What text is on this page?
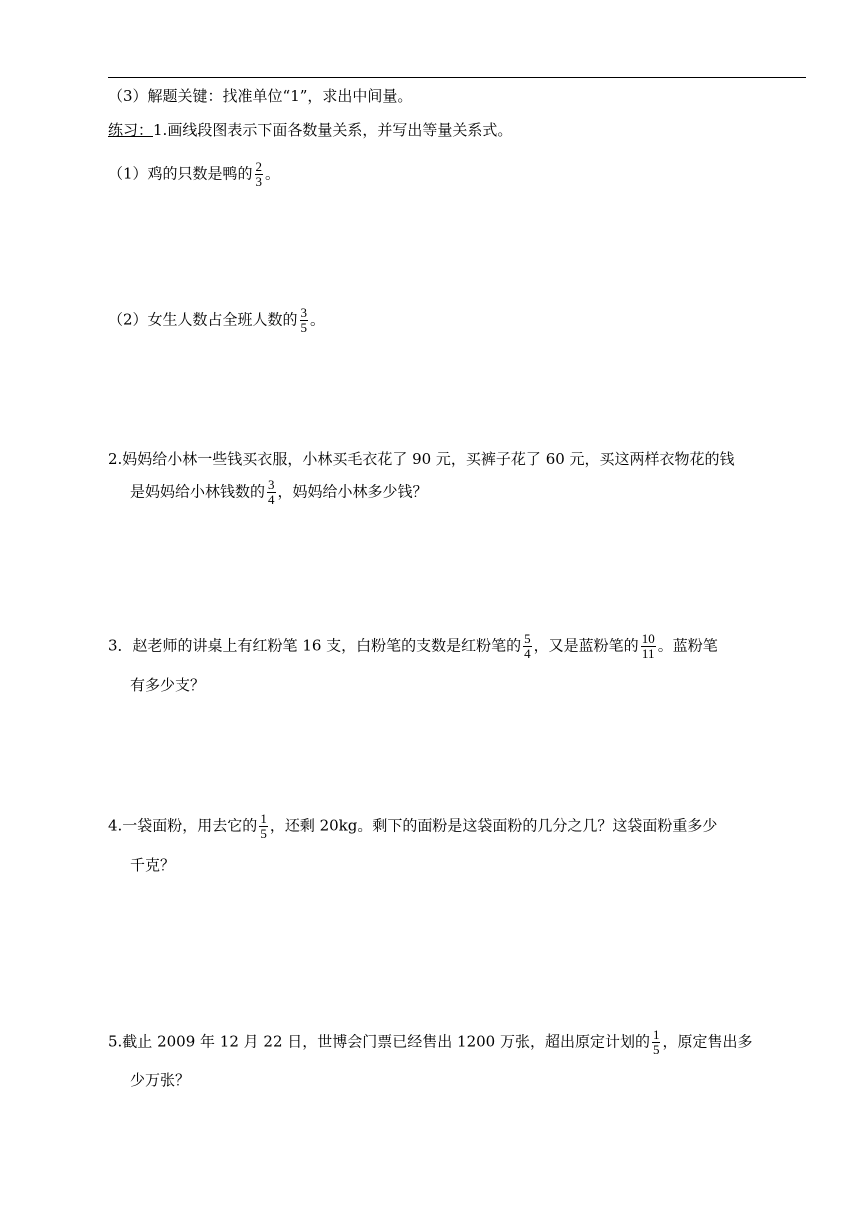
（3）解题关键：找准单位“1”，求出中间量。
练习：1.画线段图表示下面各数量关系，并写出等量关系式。
（1）鸡的只数是鸭的 $\frac{2}{3}$ 。
（2）女生人数占全班人数的 $\frac{3}{5}$ 。
2.妈妈给小林一些钱买衣服，小林买毛衣花了 90 元，买裤子花了 60 元，买这两样衣物花的钱
是妈妈给小林钱数的 $\frac{3}{4}$ ，妈妈给小林多少钱？
3．赵老师的讲桌上有红粉笔 16 支，白粉笔的支数是红粉笔的 $\frac{5}{4}$ ，又是蓝粉笔的 $\frac{10}{11}$ 。蓝粉笔
有多少支？
4.一袋面粉，用去它的 $\frac{1}{5}$ ，还剩 20kg。剩下的面粉是这袋面粉的几分之几？这袋面粉重多少
千克？
5.截止 2009 年 12 月 22 日，世博会门票已经售出 1200 万张，超出原定计划的 $\frac{1}{5}$ ，原定售出多
少万张？
